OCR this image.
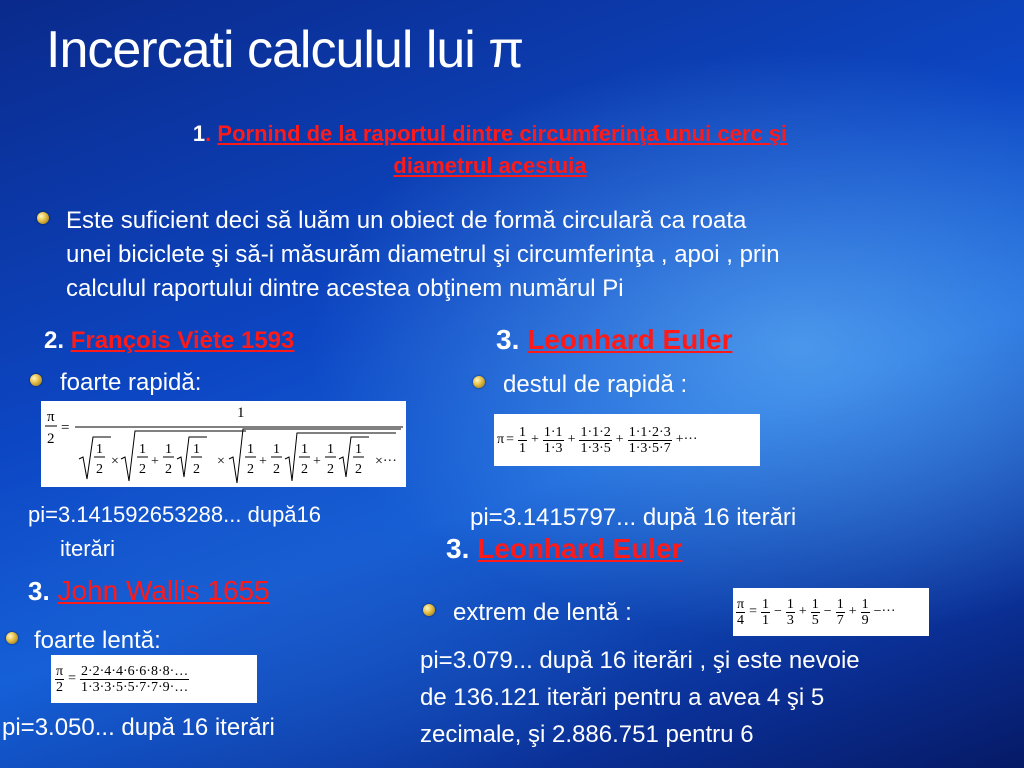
Incercati calculul lui π
1. Pornind de la raportul dintre circumferinţa unui cerc şi
diametrul acestuia
Este suficient deci să luăm un obiect de formă circulară ca roata
unei biciclete şi să-i măsurăm diametrul şi circumferinţa , apoi , prin
calculul raportului dintre acestea obţinem numărul Pi
2. François Viète 1593
foarte rapidă:
π
2
=
1
1
2
×
1
2
+
1
2
1
2
×
1
2
+
1
2
1
2
+
1
2
1
2
×···
pi=3.141592653288... după16
iterări
3. John Wallis 1655
foarte lentă:
$\frac{\pi}{2} = \frac{2\cdot 2\cdot 4\cdot 4\cdot 6\cdot 6\cdot 8\cdot 8\cdot\dots}{1\cdot 3\cdot 3\cdot 5\cdot 5\cdot 7\cdot 7\cdot 9\cdot\dots}$
pi=3.050... după 16 iterări
3. Leonhard Euler
destul de rapidă :
$\pi = \frac{1}{1} + \frac{1\cdot 1}{1\cdot 3} + \frac{1\cdot 1\cdot 2}{1\cdot 3\cdot 5} + \frac{1\cdot 1\cdot 2\cdot 3}{1\cdot 3\cdot 5\cdot 7}$ +···
pi=3.1415797... după 16 iterări
3. Leonhard Euler
extrem de lentă :	$\frac{\pi}{4} = \frac{1}{1} - \frac{1}{3} + \frac{1}{5} - \frac{1}{7} + \frac{1}{9}$ −···
pi=3.079... după 16 iterări , şi este nevoie
de 136.121 iterări pentru a avea 4 şi 5
zecimale, şi 2.886.751 pentru 6
